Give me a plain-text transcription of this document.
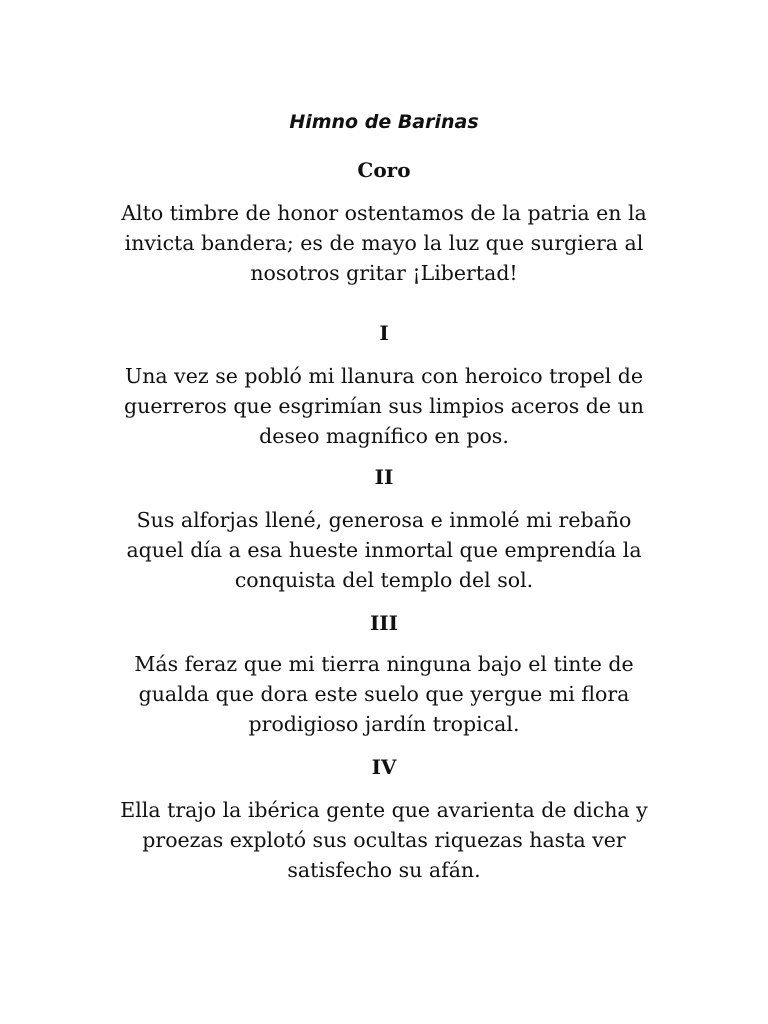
Himno de Barinas
Coro
Alto timbre de honor ostentamos de la patria en la
invicta bandera; es de mayo la luz que surgiera al
nosotros gritar ¡Libertad!
I
Una vez se pobló mi llanura con heroico tropel de
guerreros que esgrimían sus limpios aceros de un
deseo magnífico en pos.
II
Sus alforjas llené, generosa e inmolé mi rebaño
aquel día a esa hueste inmortal que emprendía la
conquista del templo del sol.
III
Más feraz que mi tierra ninguna bajo el tinte de
gualda que dora este suelo que yergue mi flora
prodigioso jardín tropical.
IV
Ella trajo la ibérica gente que avarienta de dicha y
proezas explotó sus ocultas riquezas hasta ver
satisfecho su afán.
